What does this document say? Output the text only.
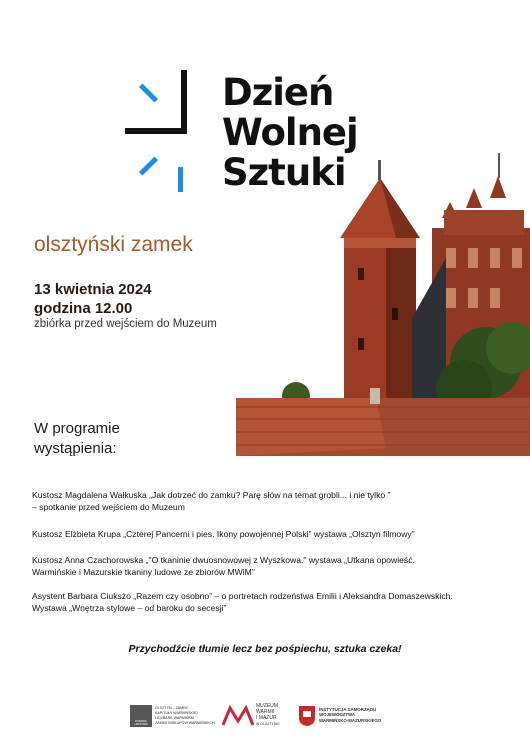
Dzień
Wolnej
Sztuki
olsztyński zamek
13 kwietnia 2024
godzina 12.00
zbiórka przed wejściem do Muzeum
W programie
wystąpienia:
Kustosz Magdalena Wałkuska „Jak dotrzeć do zamku? Parę słów na temat grobli... i nie tylko ”
– spotkanie przed wejściem do Muzeum
Kustosz Elżbieta Krupa „Czterej Pancerni i pies. Ikony powojennej Polski” wystawa „Olsztyn filmowy”
Kustosz Anna Czachorowska „"O tkaninie dwuosnowowej z Wyszkowa." wystawa „Utkana opowieść.
Warmińskie i Mazurskie tkaniny ludowe ze zbiorów MWiM”
Asystent Barbara Ciuksżo „Razem czy osobno” – o portretach rodzeństwa Emilii i Aleksandra Domaszewskich.
Wystawa „Wnętrza stylowe – od baroku do secesji”
Przychodźcie tłumie lecz bez pośpiechu, sztuka czeka!
POMNIK HISTORII
OLSZTYN – ZAMEK
KAPITUŁY WARMIŃSKIEJ
LIDZBARK WARMIŃSKI
ZAMEK BISKUPÓW WARMIŃSKICH
MUZEUM
WARMII
I MAZUR
W OLSZTYNIE
INSTYTUCJA SAMORZĄDU
WOJEWÓDZTWA
WARMIŃSKO-MAZURSKIEGO
